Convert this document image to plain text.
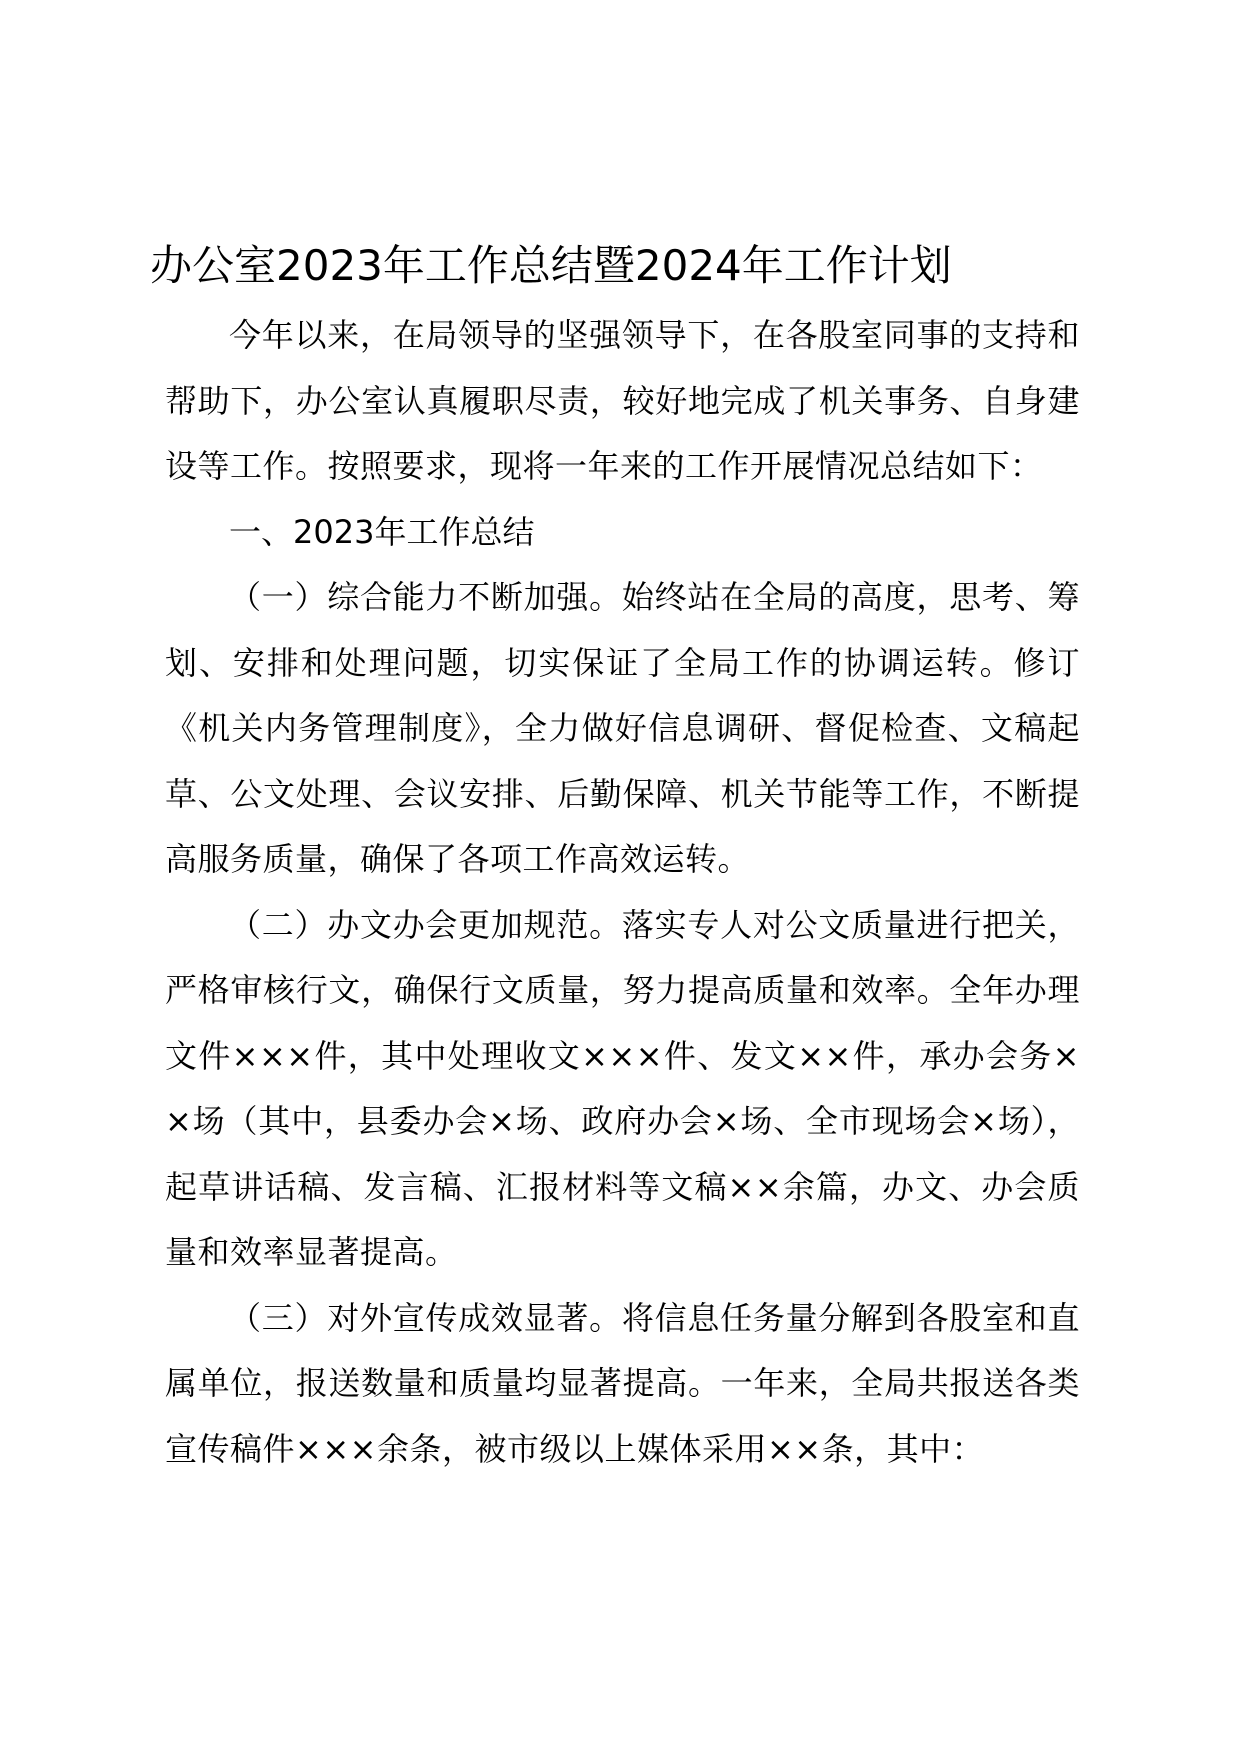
办公室2023年工作总结暨2024年工作计划

今年以来，在局领导的坚强领导下，在各股室同事的支持和帮助下，办公室认真履职尽责，较好地完成了机关事务、自身建设等工作。按照要求，现将一年来的工作开展情况总结如下：

一、2023年工作总结

（一）综合能力不断加强。始终站在全局的高度，思考、筹划、安排和处理问题，切实保证了全局工作的协调运转。修订《机关内务管理制度》，全力做好信息调研、督促检查、文稿起草、公文处理、会议安排、后勤保障、机关节能等工作，不断提高服务质量，确保了各项工作高效运转。

（二）办文办会更加规范。落实专人对公文质量进行把关，严格审核行文，确保行文质量，努力提高质量和效率。全年办理文件×××件，其中处理收文×××件、发文××件，承办会务××场（其中，县委办会×场、政府办会×场、全市现场会×场），起草讲话稿、发言稿、汇报材料等文稿××余篇，办文、办会质量和效率显著提高。

（三）对外宣传成效显著。将信息任务量分解到各股室和直属单位，报送数量和质量均显著提高。一年来，全局共报送各类宣传稿件×××余条，被市级以上媒体采用××条，其中：
